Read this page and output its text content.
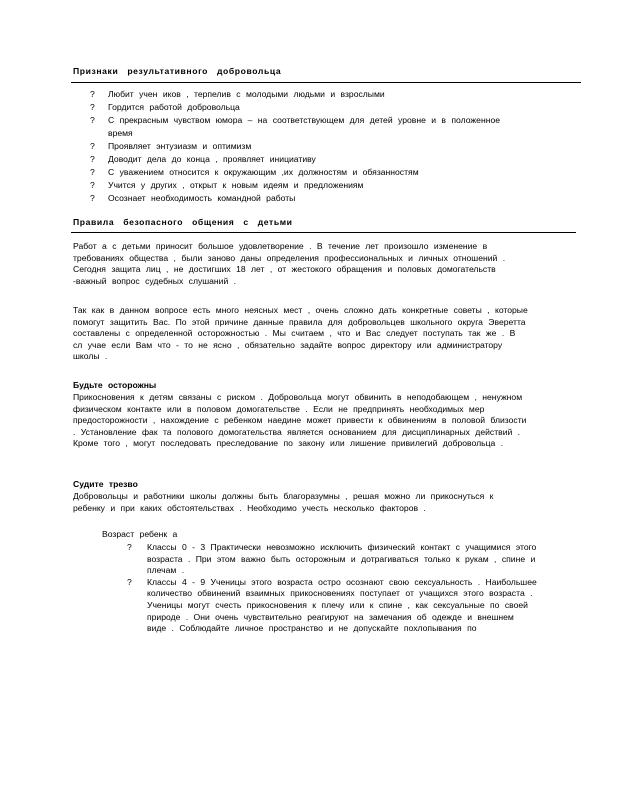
Признаки результативного добровольца
? Любит учен иков , терпелив с молодыми людьми и взрослыми
? Гордится работой добровольца
? С прекрасным чувством юмора – на соответствующем для детей уровне и в положенное время
? Проявляет энтузиазм и оптимизм
? Доводит дела до конца , проявляет инициативу
? С уважением относится к окружающим ,их должностям и обязанностям
? Учится у других , открыт к новым идеям и предложениям
? Осознает необходимость командной работы
Правила безопасного общения с детьми

Работ а с детьми приносит большое удовлетворение . В течение лет произошло изменение в требованиях общества , были заново даны определения профессиональных и личных отношений . Сегодня защита лиц , не достигших 18 лет , от жестокого обращения и половых домогательств -важный вопрос судебных слушаний .

Так как в данном вопросе есть много неясных мест , очень сложно дать конкретные советы , которые помогут защитить Вас. По этой причине данные правила для добровольцев школьного округа Эверетта составлены с определенной осторожностью . Мы считаем , что и Вас следует поступать так же . В сл учае если Вам что - то не ясно , обязательно задайте вопрос директору или администратору школы .

Будьте осторожны

Прикосновения к детям связаны с риском . Добровольца могут обвинить в неподобающем , ненужном физическом контакте или в половом домогательстве . Если не предпринять необходимых мер предосторожности , нахождение с ребенком наедине может привести к обвинениям в половой близости . Установление фак та полового домогательства является основанием для дисциплинарных действий . Кроме того , могут последовать преследование по закону или лишение привилегий добровольца .

Судите трезво

Добровольцы и работники школы должны быть благоразумны , решая можно ли прикоснуться к ребенку и при каких обстоятельствах . Необходимо учесть несколько факторов .

Возраст ребенк а
? Классы 0 - 3 Практически невозможно исключить физический контакт с учащимися этого возраста . При этом важно быть осторожным и дотрагиваться только к рукам , спине и плечам .
? Классы 4 - 9 Ученицы этого возраста остро осознают свою сексуальность . Наибольшее количество обвинений взаимных прикосновениях поступает от учащихся этого возраста . Ученицы могут счесть прикосновения к плечу или к спине , как сексуальные по своей природе . Они очень чувствительно реагируют на замечания об одежде и внешнем виде . Соблюдайте личное пространство и не допускайте похлопывания по
